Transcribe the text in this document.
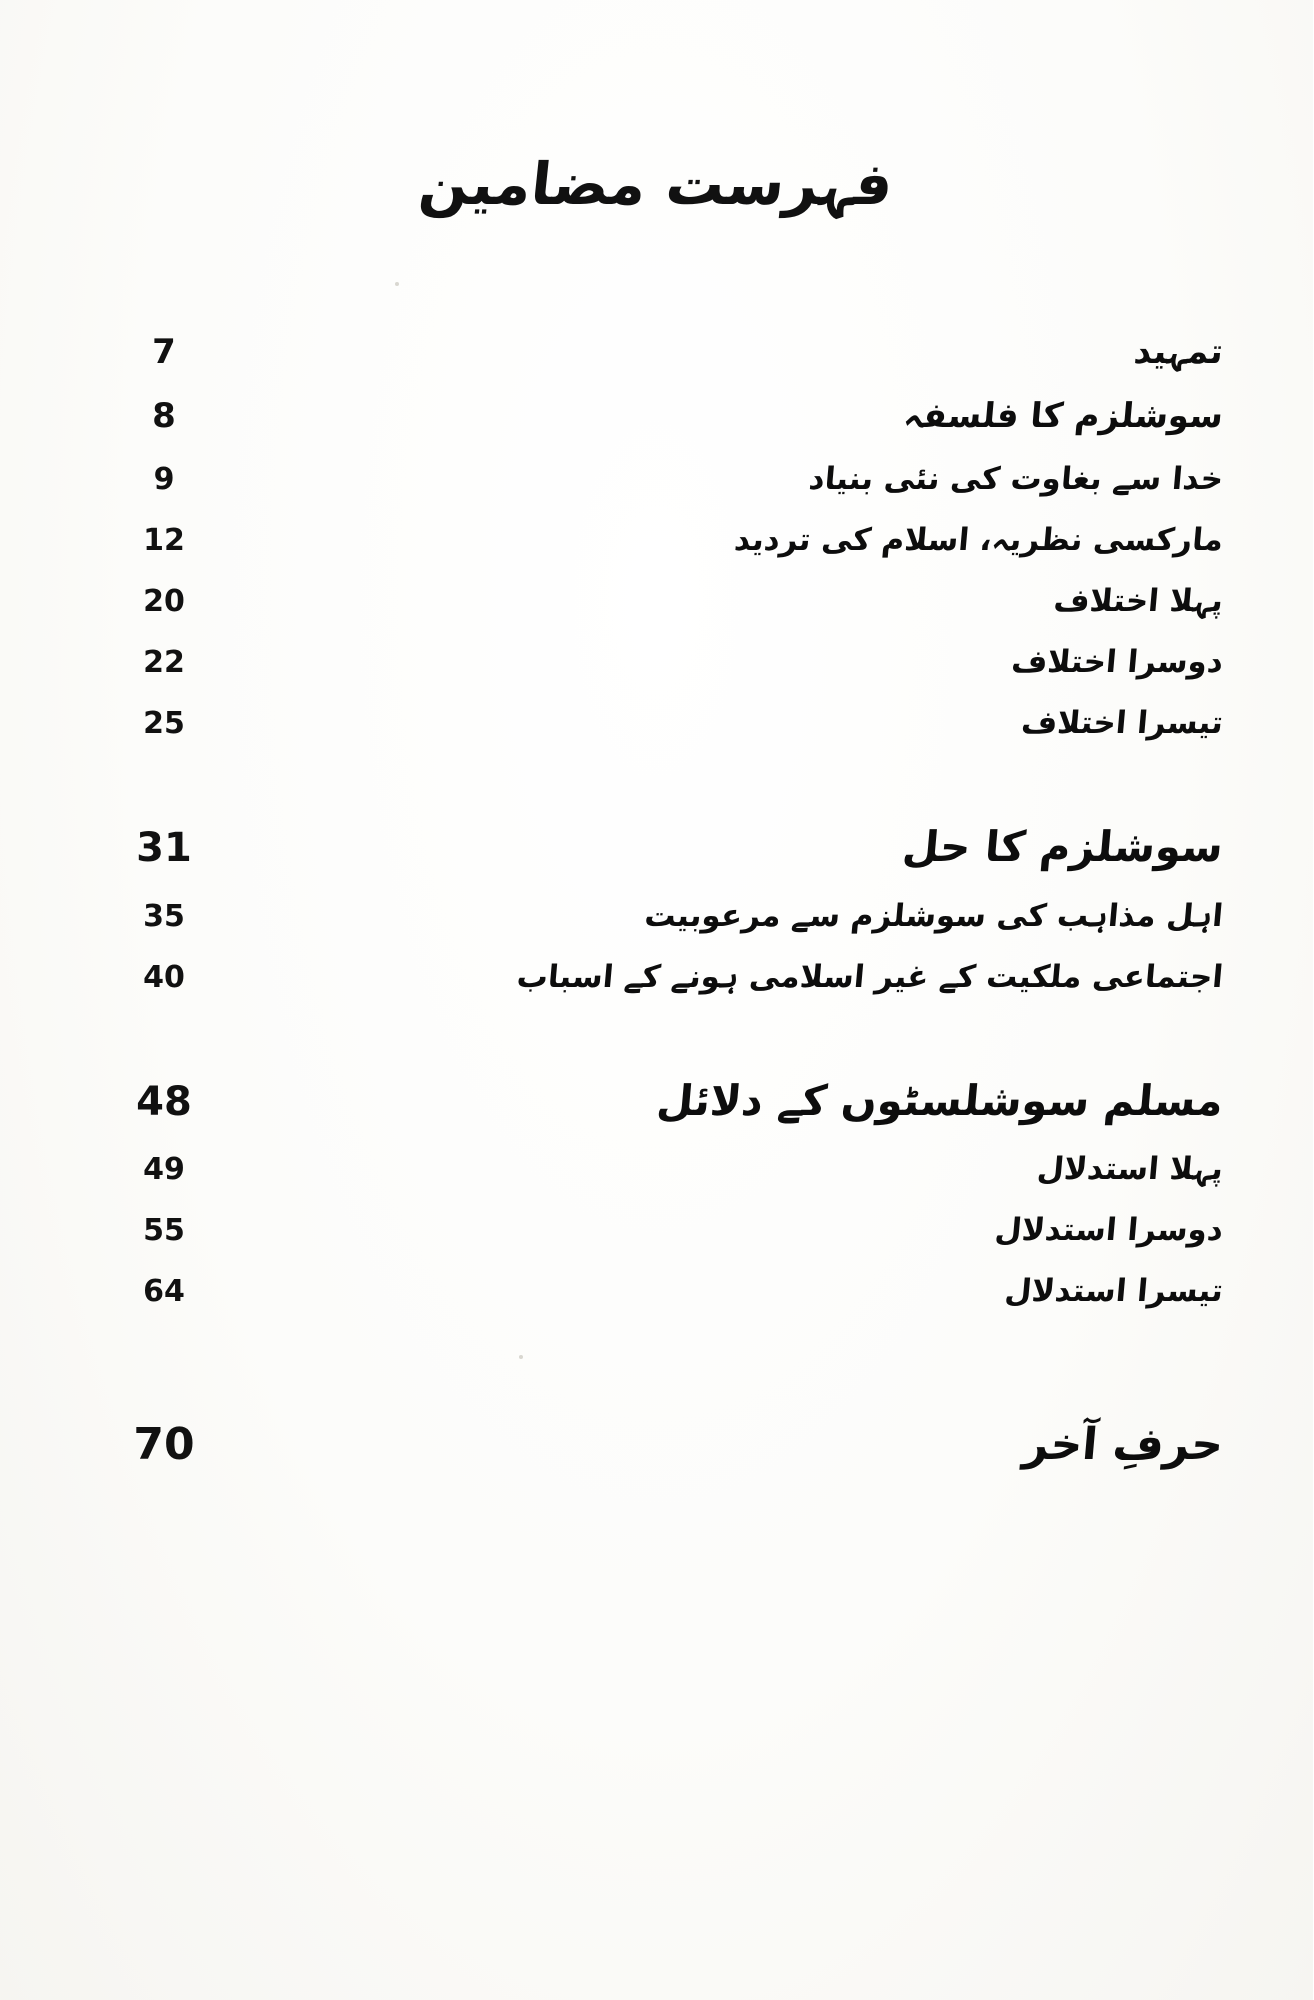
فہرست مضامین
تمہید
7
سوشلزم کا فلسفہ
8
خدا سے بغاوت کی نئی بنیاد
9
مارکسی نظریہ، اسلام کی تردید
12
پہلا اختلاف
20
دوسرا اختلاف
22
تیسرا اختلاف
25
سوشلزم کا حل
31
اہل مذاہب کی سوشلزم سے مرعوبیت
35
اجتماعی ملکیت کے غیر اسلامی ہونے کے اسباب
40
مسلم سوشلسٹوں کے دلائل
48
پہلا استدلال
49
دوسرا استدلال
55
تیسرا استدلال
64
حرفِ آخر
70
